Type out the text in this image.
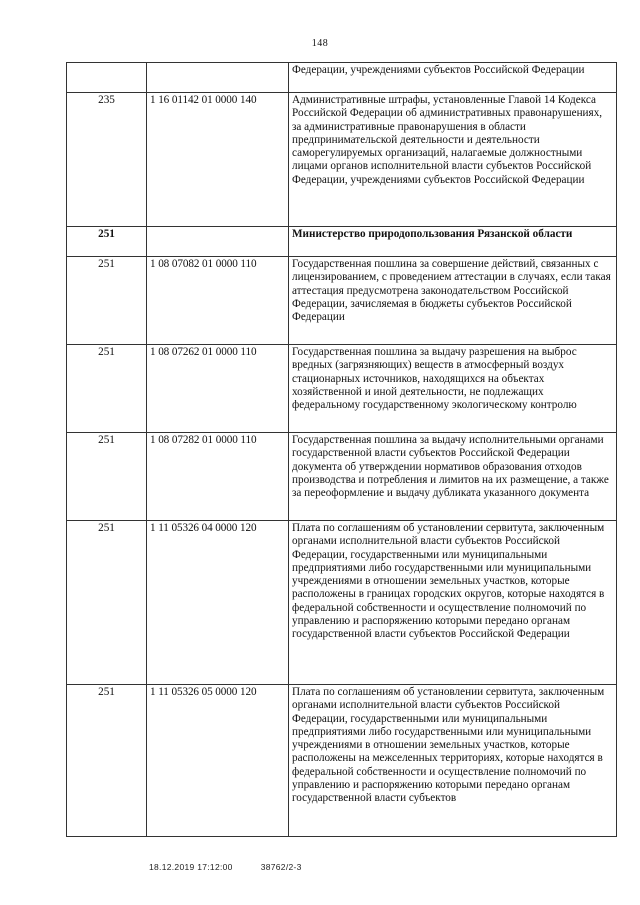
148
		Федерации, учреждениями субъектов Российской Федерации
235	1 16 01142 01 0000 140	Административные штрафы, установленные Главой 14 Кодекса Российской Федерации об административных правонарушениях, за административные правонарушения в области предпринимательской деятельности и деятельности саморегулируемых организаций, налагаемые должностными лицами органов исполнительной власти субъектов Российской Федерации, учреждениями субъектов Российской Федерации
251		Министерство природопользования Рязанской области
251	1 08 07082 01 0000 110	Государственная пошлина за совершение действий, связанных с лицензированием, с проведением аттестации в случаях, если такая аттестация предусмотрена законодательством Российской Федерации, зачисляемая в бюджеты субъектов Российской Федерации
251	1 08 07262 01 0000 110	Государственная пошлина за выдачу разрешения на выброс вредных (загрязняющих) веществ в атмосферный воздух стационарных источников, находящихся на объектах хозяйственной и иной деятельности, не подлежащих федеральному государственному экологическому контролю
251	1 08 07282 01 0000 110	Государственная пошлина за выдачу исполнительными органами государственной власти субъектов Российской Федерации документа об утверждении нормативов образования отходов производства и потребления и лимитов на их размещение, а также за переоформление и выдачу дубликата указанного документа
251	1 11 05326 04 0000 120	Плата по соглашениям об установлении сервитута, заключенным органами исполнительной власти субъектов Российской Федерации, государственными или муниципальными предприятиями либо государственными или муниципальными учреждениями в отношении земельных участков, которые расположены в границах городских округов, которые находятся в федеральной собственности и осуществление полномочий по управлению и распоряжению которыми передано органам государственной власти субъектов Российской Федерации
251	1 11 05326 05 0000 120	Плата по соглашениям об установлении сервитута, заключенным органами исполнительной власти субъектов Российской Федерации, государственными или муниципальными предприятиями либо государственными или муниципальными учреждениями в отношении земельных участков, которые расположены на межселенных территориях, которые находятся в федеральной собственности и осуществление полномочий по управлению и распоряжению которыми передано органам государственной власти субъектов
18.12.2019 17:12:00	38762/2-3
